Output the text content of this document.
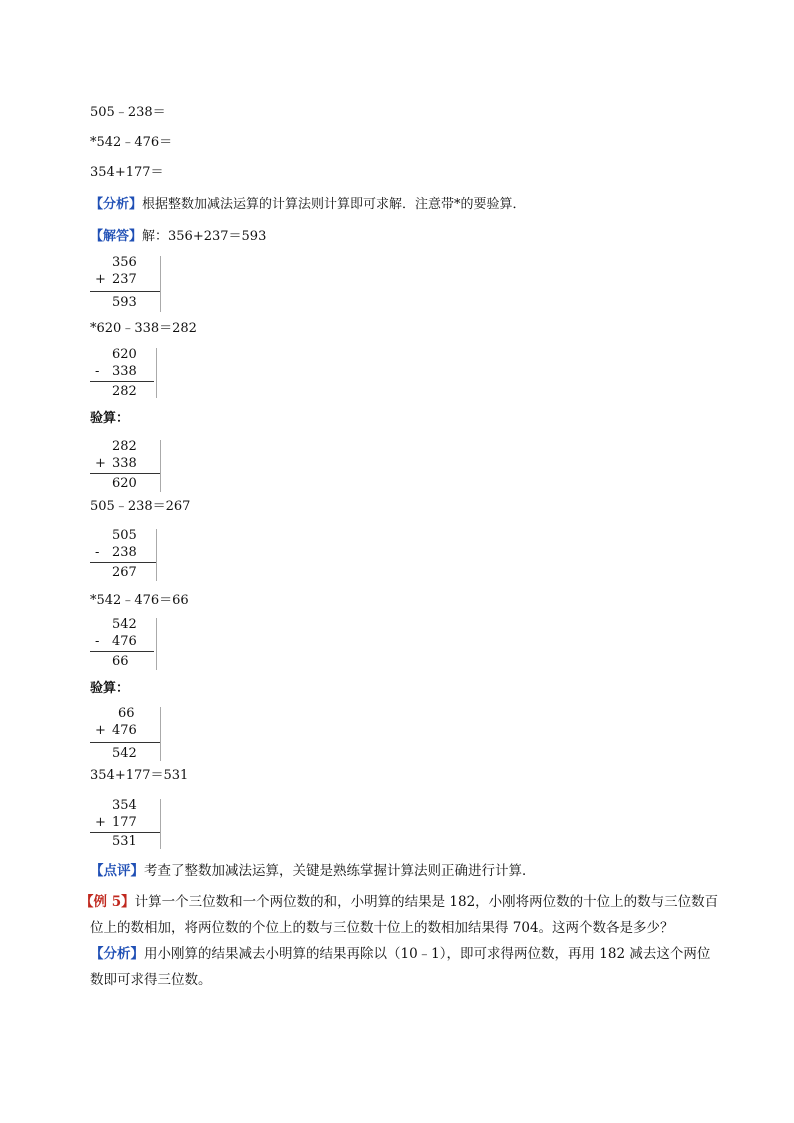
505﹣238＝
*542﹣476＝
354+177＝
【分析】根据整数加减法运算的计算法则计算即可求解．注意带*的要验算．
【解答】解：356+237＝593
356
+ 237
593
*620﹣338＝282
620
- 338
282
验算：
282
+ 338
620
505﹣238＝267
505
- 238
267
*542﹣476＝66
542
- 476
66
验算：
66
+ 476
542
354+177＝531
354
+ 177
531
【点评】考查了整数加减法运算，关键是熟练掌握计算法则正确进行计算．
【例 5】计算一个三位数和一个两位数的和，小明算的结果是 182，小刚将两位数的十位上的数与三位数百
位上的数相加，将两位数的个位上的数与三位数十位上的数相加结果得 704。这两个数各是多少？
【分析】用小刚算的结果减去小明算的结果再除以（10﹣1），即可求得两位数，再用 182 减去这个两位
数即可求得三位数。
